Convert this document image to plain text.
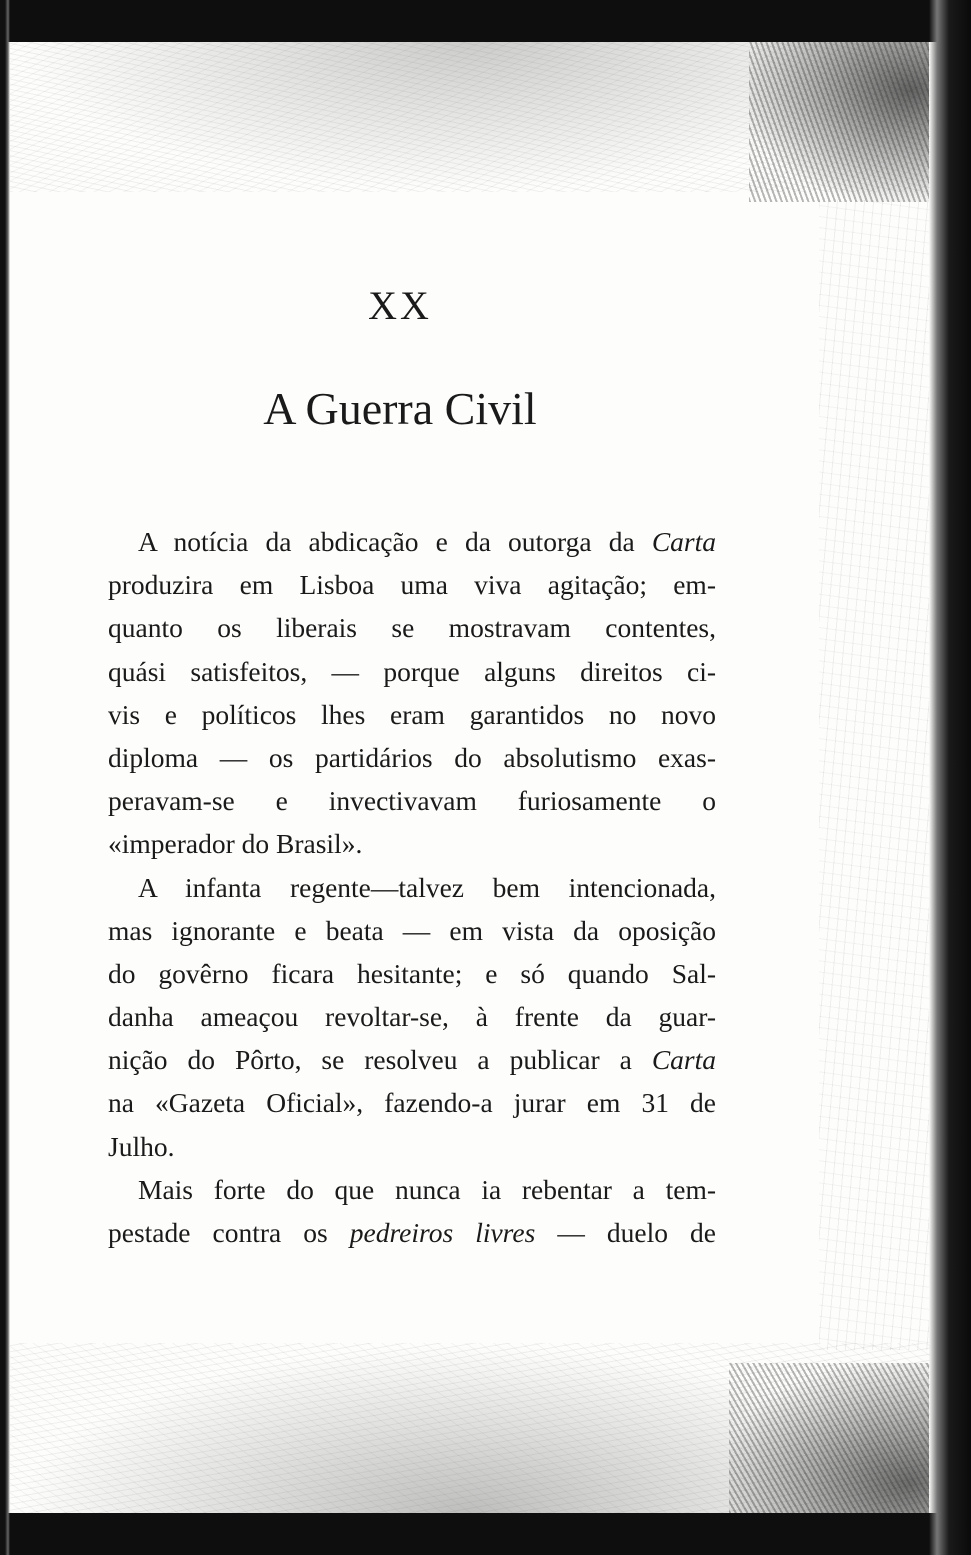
XX
A Guerra Civil
A notícia da abdicação e da outorga da Carta
produzira em Lisboa uma viva agitação; em-
quanto os liberais se mostravam contentes,
quási satisfeitos, — porque alguns direitos ci-
vis e políticos lhes eram garantidos no novo
diploma — os partidários do absolutismo exas-
peravam-se e invectivavam furiosamente o
«imperador do Brasil».
A infanta regente—talvez bem intencionada,
mas ignorante e beata — em vista da oposição
do govêrno ficara hesitante; e só quando Sal-
danha ameaçou revoltar-se, à frente da guar-
nição do Pôrto, se resolveu a publicar a Carta
na «Gazeta Oficial», fazendo-a jurar em 31 de
Julho.
Mais forte do que nunca ia rebentar a tem-
pestade contra os pedreiros livres — duelo de
